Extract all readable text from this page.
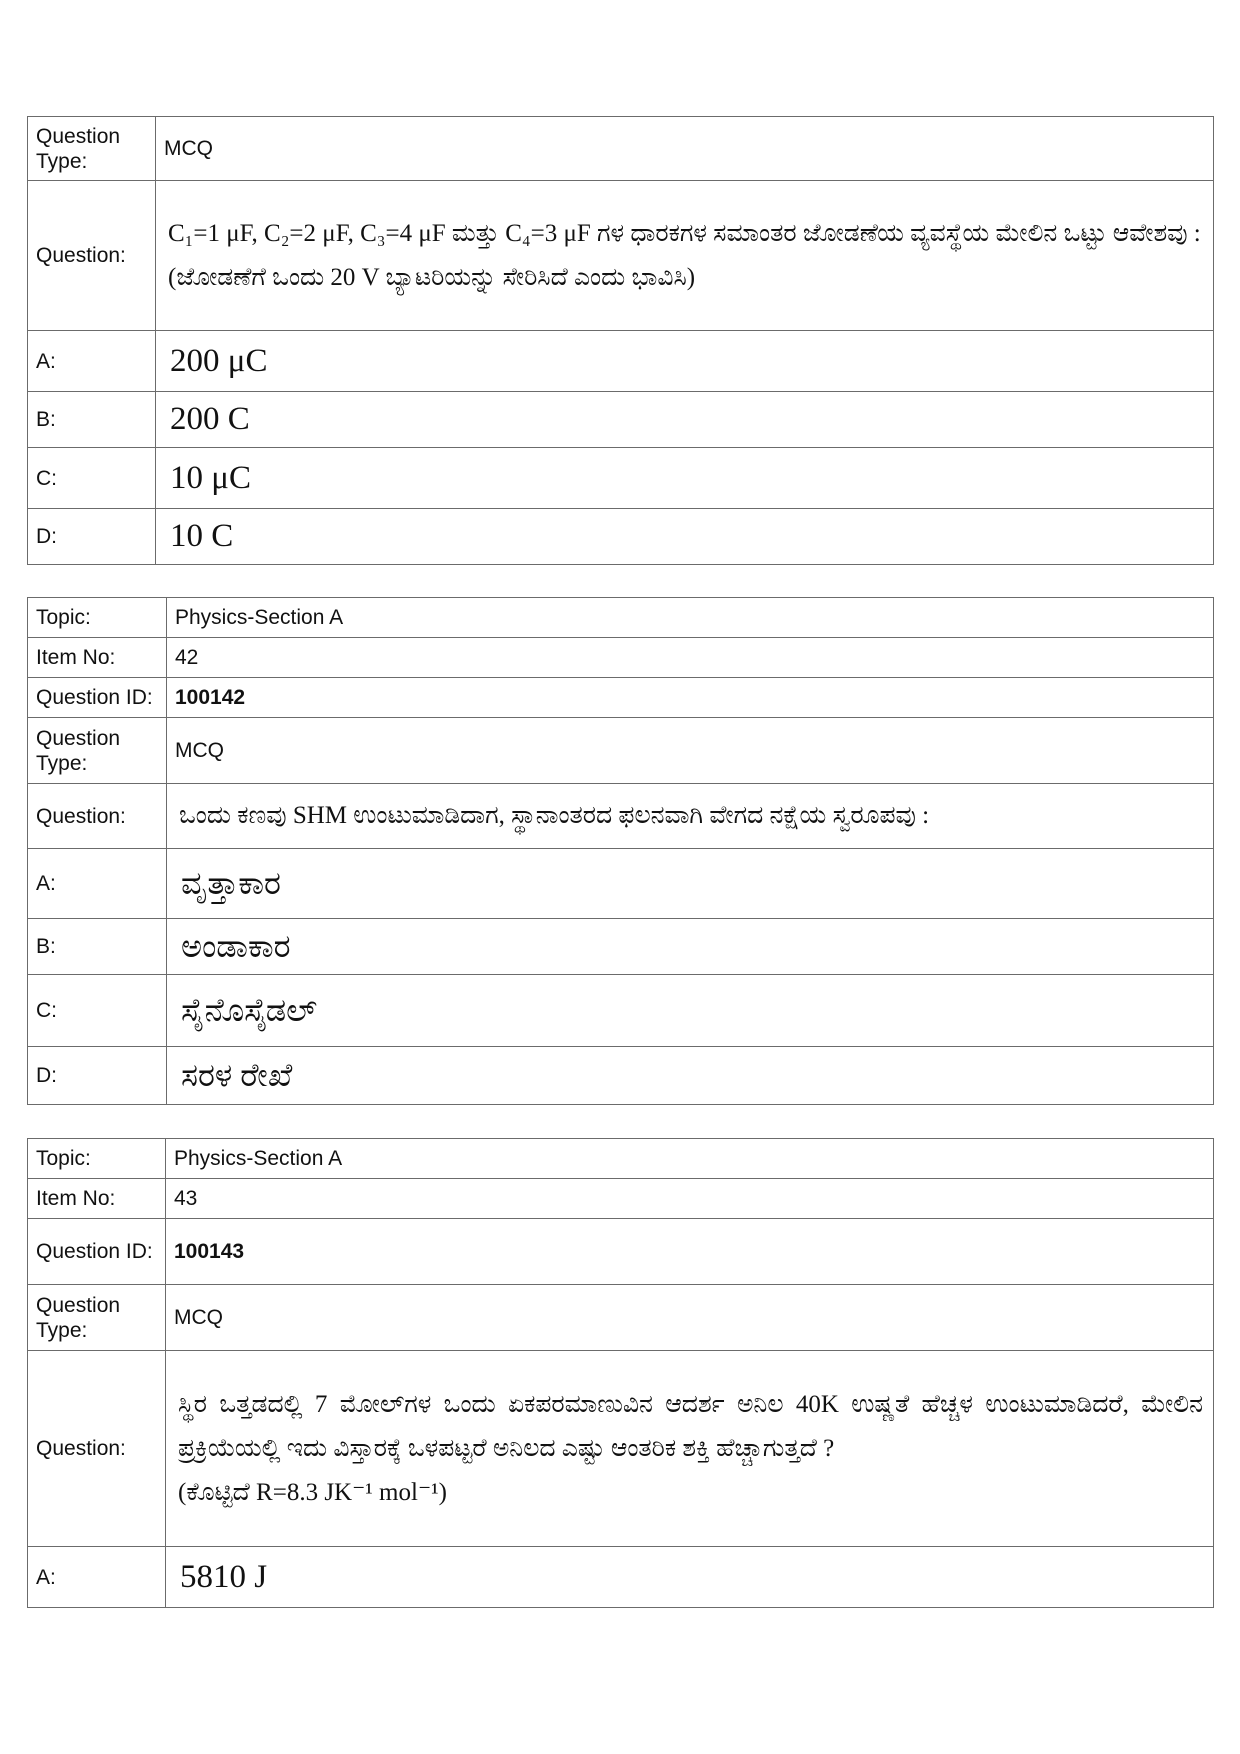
Question Type:	MCQ
Question:	C₁=1 μF, C₂=2 μF, C₃=4 μF ಮತ್ತು C₄=3 μF ಗಳ ಧಾರಕಗಳ ಸಮಾಂತರ ಜೋಡಣೆಯ ವ್ಯವಸ್ಥೆಯ ಮೇಲಿನ ಒಟ್ಟು ಆವೇಶವು :
(ಜೋಡಣೆಗೆ ಒಂದು 20 V ಬ್ಯಾಟರಿಯನ್ನು ಸೇರಿಸಿದೆ ಎಂದು ಭಾವಿಸಿ)

A:	200 μC
B:	200 C
C:	10 μC
D:	10 C
Topic:	Physics-Section A
Item No:	42
Question ID:	100142
Question Type:	MCQ
Question:	ಒಂದು ಕಣವು SHM ಉಂಟುಮಾಡಿದಾಗ, ಸ್ಥಾನಾಂತರದ ಫಲನವಾಗಿ ವೇಗದ ನಕ್ಷೆಯ ಸ್ವರೂಪವು :
A:	ವೃತ್ತಾಕಾರ
B:	ಅಂಡಾಕಾರ
C:	ಸೈನೊಸೈಡಲ್
D:	ಸರಳ ರೇಖೆ
Topic:	Physics-Section A
Item No:	43
Question ID:	100143
Question Type:	MCQ
Question:	ಸ್ಥಿರ ಒತ್ತಡದಲ್ಲಿ 7 ಮೋಲ್‌ಗಳ ಒಂದು ಏಕಪರಮಾಣುವಿನ ಆದರ್ಶ ಅನಿಲ 40K ಉಷ್ಣತೆ ಹೆಚ್ಚಳ ಉಂಟುಮಾಡಿದರೆ, ಮೇಲಿನ ಪ್ರಕ್ರಿಯೆಯಲ್ಲಿ ಇದು ವಿಸ್ತಾರಕ್ಕೆ ಒಳಪಟ್ಟರೆ ಅನಿಲದ ಎಷ್ಟು ಆಂತರಿಕ ಶಕ್ತಿ ಹೆಚ್ಚಾಗುತ್ತದೆ ?
(ಕೊಟ್ಟಿದೆ R=8.3 JK⁻¹ mol⁻¹)

A:	5810 J
